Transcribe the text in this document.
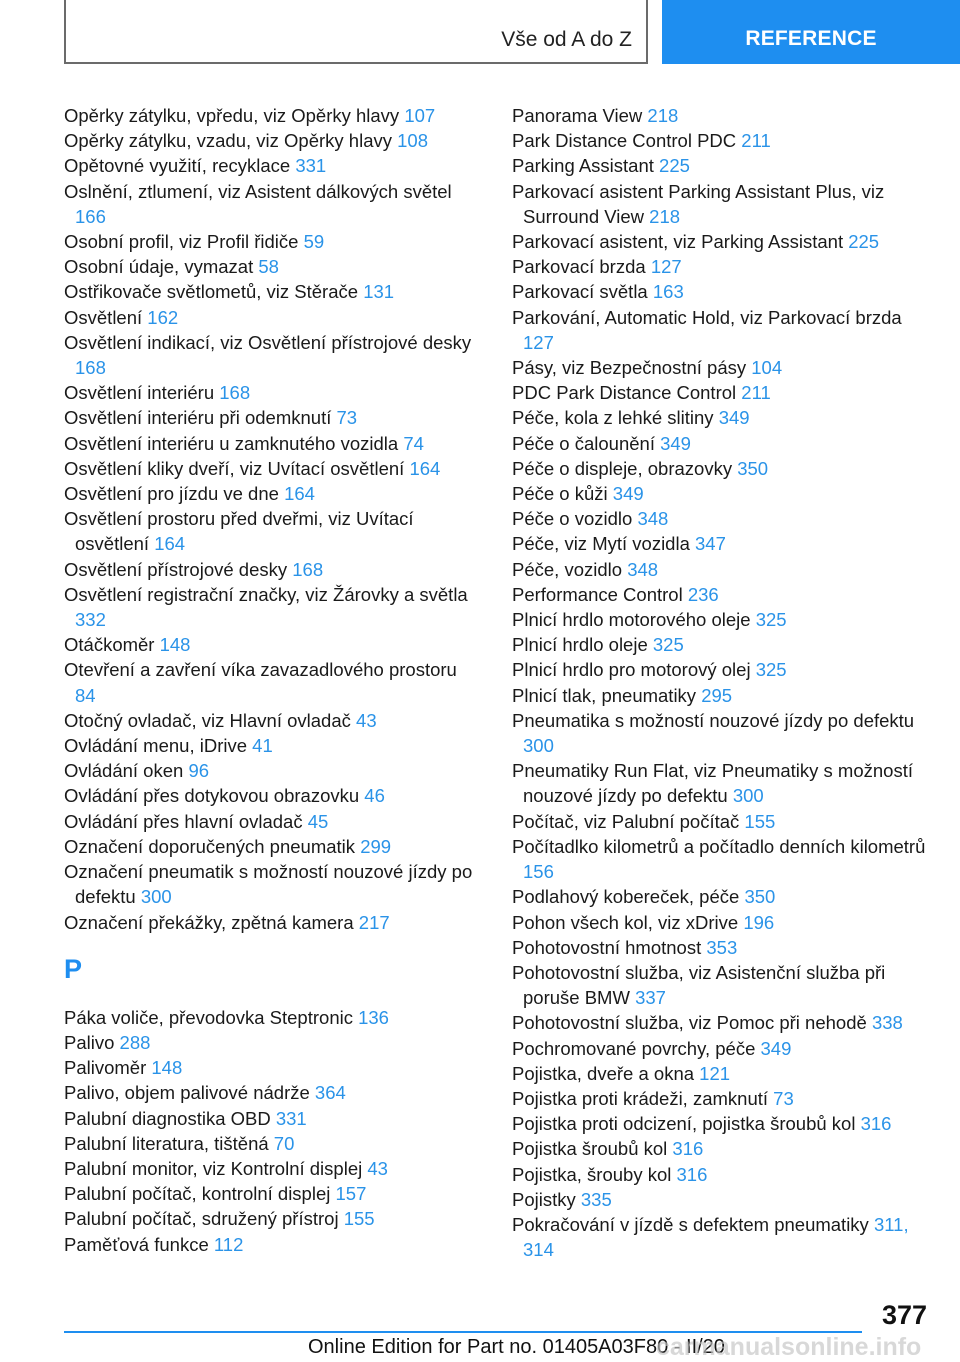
Vše od A do Z	REFERENCE
Opěrky zátylku, vpředu, viz Opěrky hlavy 107
Opěrky zátylku, vzadu, viz Opěrky hlavy 108
Opětovné využití, recyklace 331
Oslnění, ztlumení, viz Asistent dálkových světel 166
Osobní profil, viz Profil řidiče 59
Osobní údaje, vymazat 58
Ostřikovače světlometů, viz Stěrače 131
Osvětlení 162
Osvětlení indikací, viz Osvětlení přístrojové desky 168
Osvětlení interiéru 168
Osvětlení interiéru při odemknutí 73
Osvětlení interiéru u zamknutého vozidla 74
Osvětlení kliky dveří, viz Uvítací osvětlení 164
Osvětlení pro jízdu ve dne 164
Osvětlení prostoru před dveřmi, viz Uvítací osvětlení 164
Osvětlení přístrojové desky 168
Osvětlení registrační značky, viz Žárovky a světla 332
Otáčkoměr 148
Otevření a zavření víka zavazadlového prostoru 84
Otočný ovladač, viz Hlavní ovladač 43
Ovládání menu, iDrive 41
Ovládání oken 96
Ovládání přes dotykovou obrazovku 46
Ovládání přes hlavní ovladač 45
Označení doporučených pneumatik 299
Označení pneumatik s možností nouzové jízdy po defektu 300
Označení překážky, zpětná kamera 217
P
Páka voliče, převodovka Steptronic 136
Palivo 288
Palivoměr 148
Palivo, objem palivové nádrže 364
Palubní diagnostika OBD 331
Palubní literatura, tištěná 70
Palubní monitor, viz Kontrolní displej 43
Palubní počítač, kontrolní displej 157
Palubní počítač, sdružený přístroj 155
Paměťová funkce 112
Panorama View 218
Park Distance Control PDC 211
Parking Assistant 225
Parkovací asistent Parking Assistant Plus, viz Surround View 218
Parkovací asistent, viz Parking Assistant 225
Parkovací brzda 127
Parkovací světla 163
Parkování, Automatic Hold, viz Parkovací brzda 127
Pásy, viz Bezpečnostní pásy 104
PDC Park Distance Control 211
Péče, kola z lehké slitiny 349
Péče o čalounění 349
Péče o displeje, obrazovky 350
Péče o kůži 349
Péče o vozidlo 348
Péče, viz Mytí vozidla 347
Péče, vozidlo 348
Performance Control 236
Plnicí hrdlo motorového oleje 325
Plnicí hrdlo oleje 325
Plnicí hrdlo pro motorový olej 325
Plnicí tlak, pneumatiky 295
Pneumatika s možností nouzové jízdy po defektu 300
Pneumatiky Run Flat, viz Pneumatiky s možností nouzové jízdy po defektu 300
Počítač, viz Palubní počítač 155
Počítadlko kilometrů a počítadlo denních kilometrů 156
Podlahový koberec̆ek, péče 350
Pohon všech kol, viz xDrive 196
Pohotovostní hmotnost 353
Pohotovostní služba, viz Asistenční služba při poruše BMW 337
Pohotovostní služba, viz Pomoc při nehodě 338
Pochromované povrchy, péče 349
Pojistka, dveře a okna 121
Pojistka proti krádeži, zamknutí 73
Pojistka proti odcizení, pojistka šroubů kol 316
Pojistka šroubů kol 316
Pojistka, šrouby kol 316
Pojistky 335
Pokračování v jízdě s defektem pneumatiky 311, 314
377
Online Edition for Part no. 01405A03F80 - II/20
carmanualsonline.info
